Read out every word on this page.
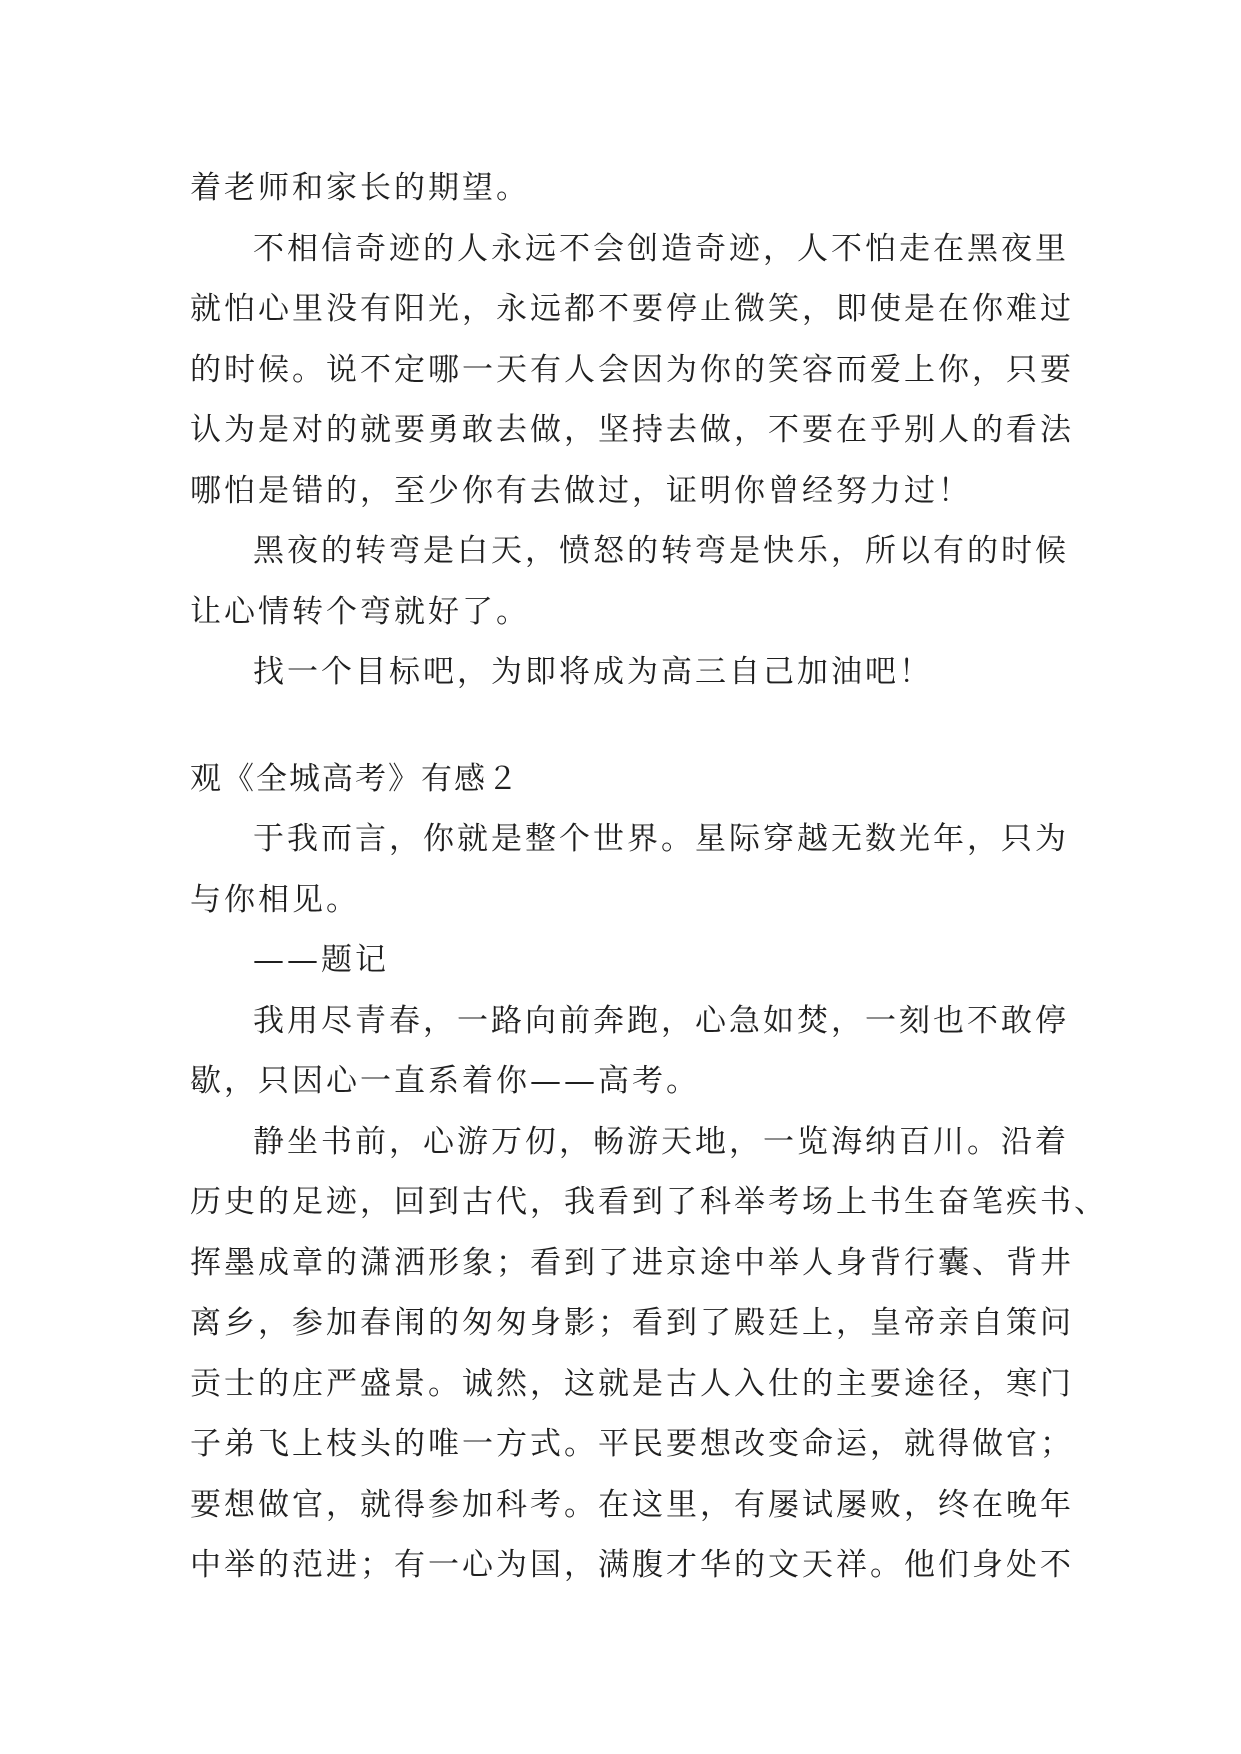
着老师和家长的期望。
不相信奇迹的人永远不会创造奇迹，人不怕走在黑夜里
就怕心里没有阳光，永远都不要停止微笑，即使是在你难过
的时候。说不定哪一天有人会因为你的笑容而爱上你，只要
认为是对的就要勇敢去做，坚持去做，不要在乎别人的看法
哪怕是错的，至少你有去做过，证明你曾经努力过！
黑夜的转弯是白天，愤怒的转弯是快乐，所以有的时候
让心情转个弯就好了。
找一个目标吧，为即将成为高三自己加油吧！
观《全城高考》有感２
于我而言，你就是整个世界。星际穿越无数光年，只为
与你相见。
——题记
我用尽青春，一路向前奔跑，心急如焚，一刻也不敢停
歇，只因心一直系着你——高考。
静坐书前，心游万仞，畅游天地，一览海纳百川。沿着
历史的足迹，回到古代，我看到了科举考场上书生奋笔疾书、
挥墨成章的潇洒形象；看到了进京途中举人身背行囊、背井
离乡，参加春闱的匆匆身影；看到了殿廷上，皇帝亲自策问
贡士的庄严盛景。诚然，这就是古人入仕的主要途径，寒门
子弟飞上枝头的唯一方式。平民要想改变命运，就得做官；
要想做官，就得参加科考。在这里，有屡试屡败，终在晚年
中举的范进；有一心为国，满腹才华的文天祥。他们身处不
